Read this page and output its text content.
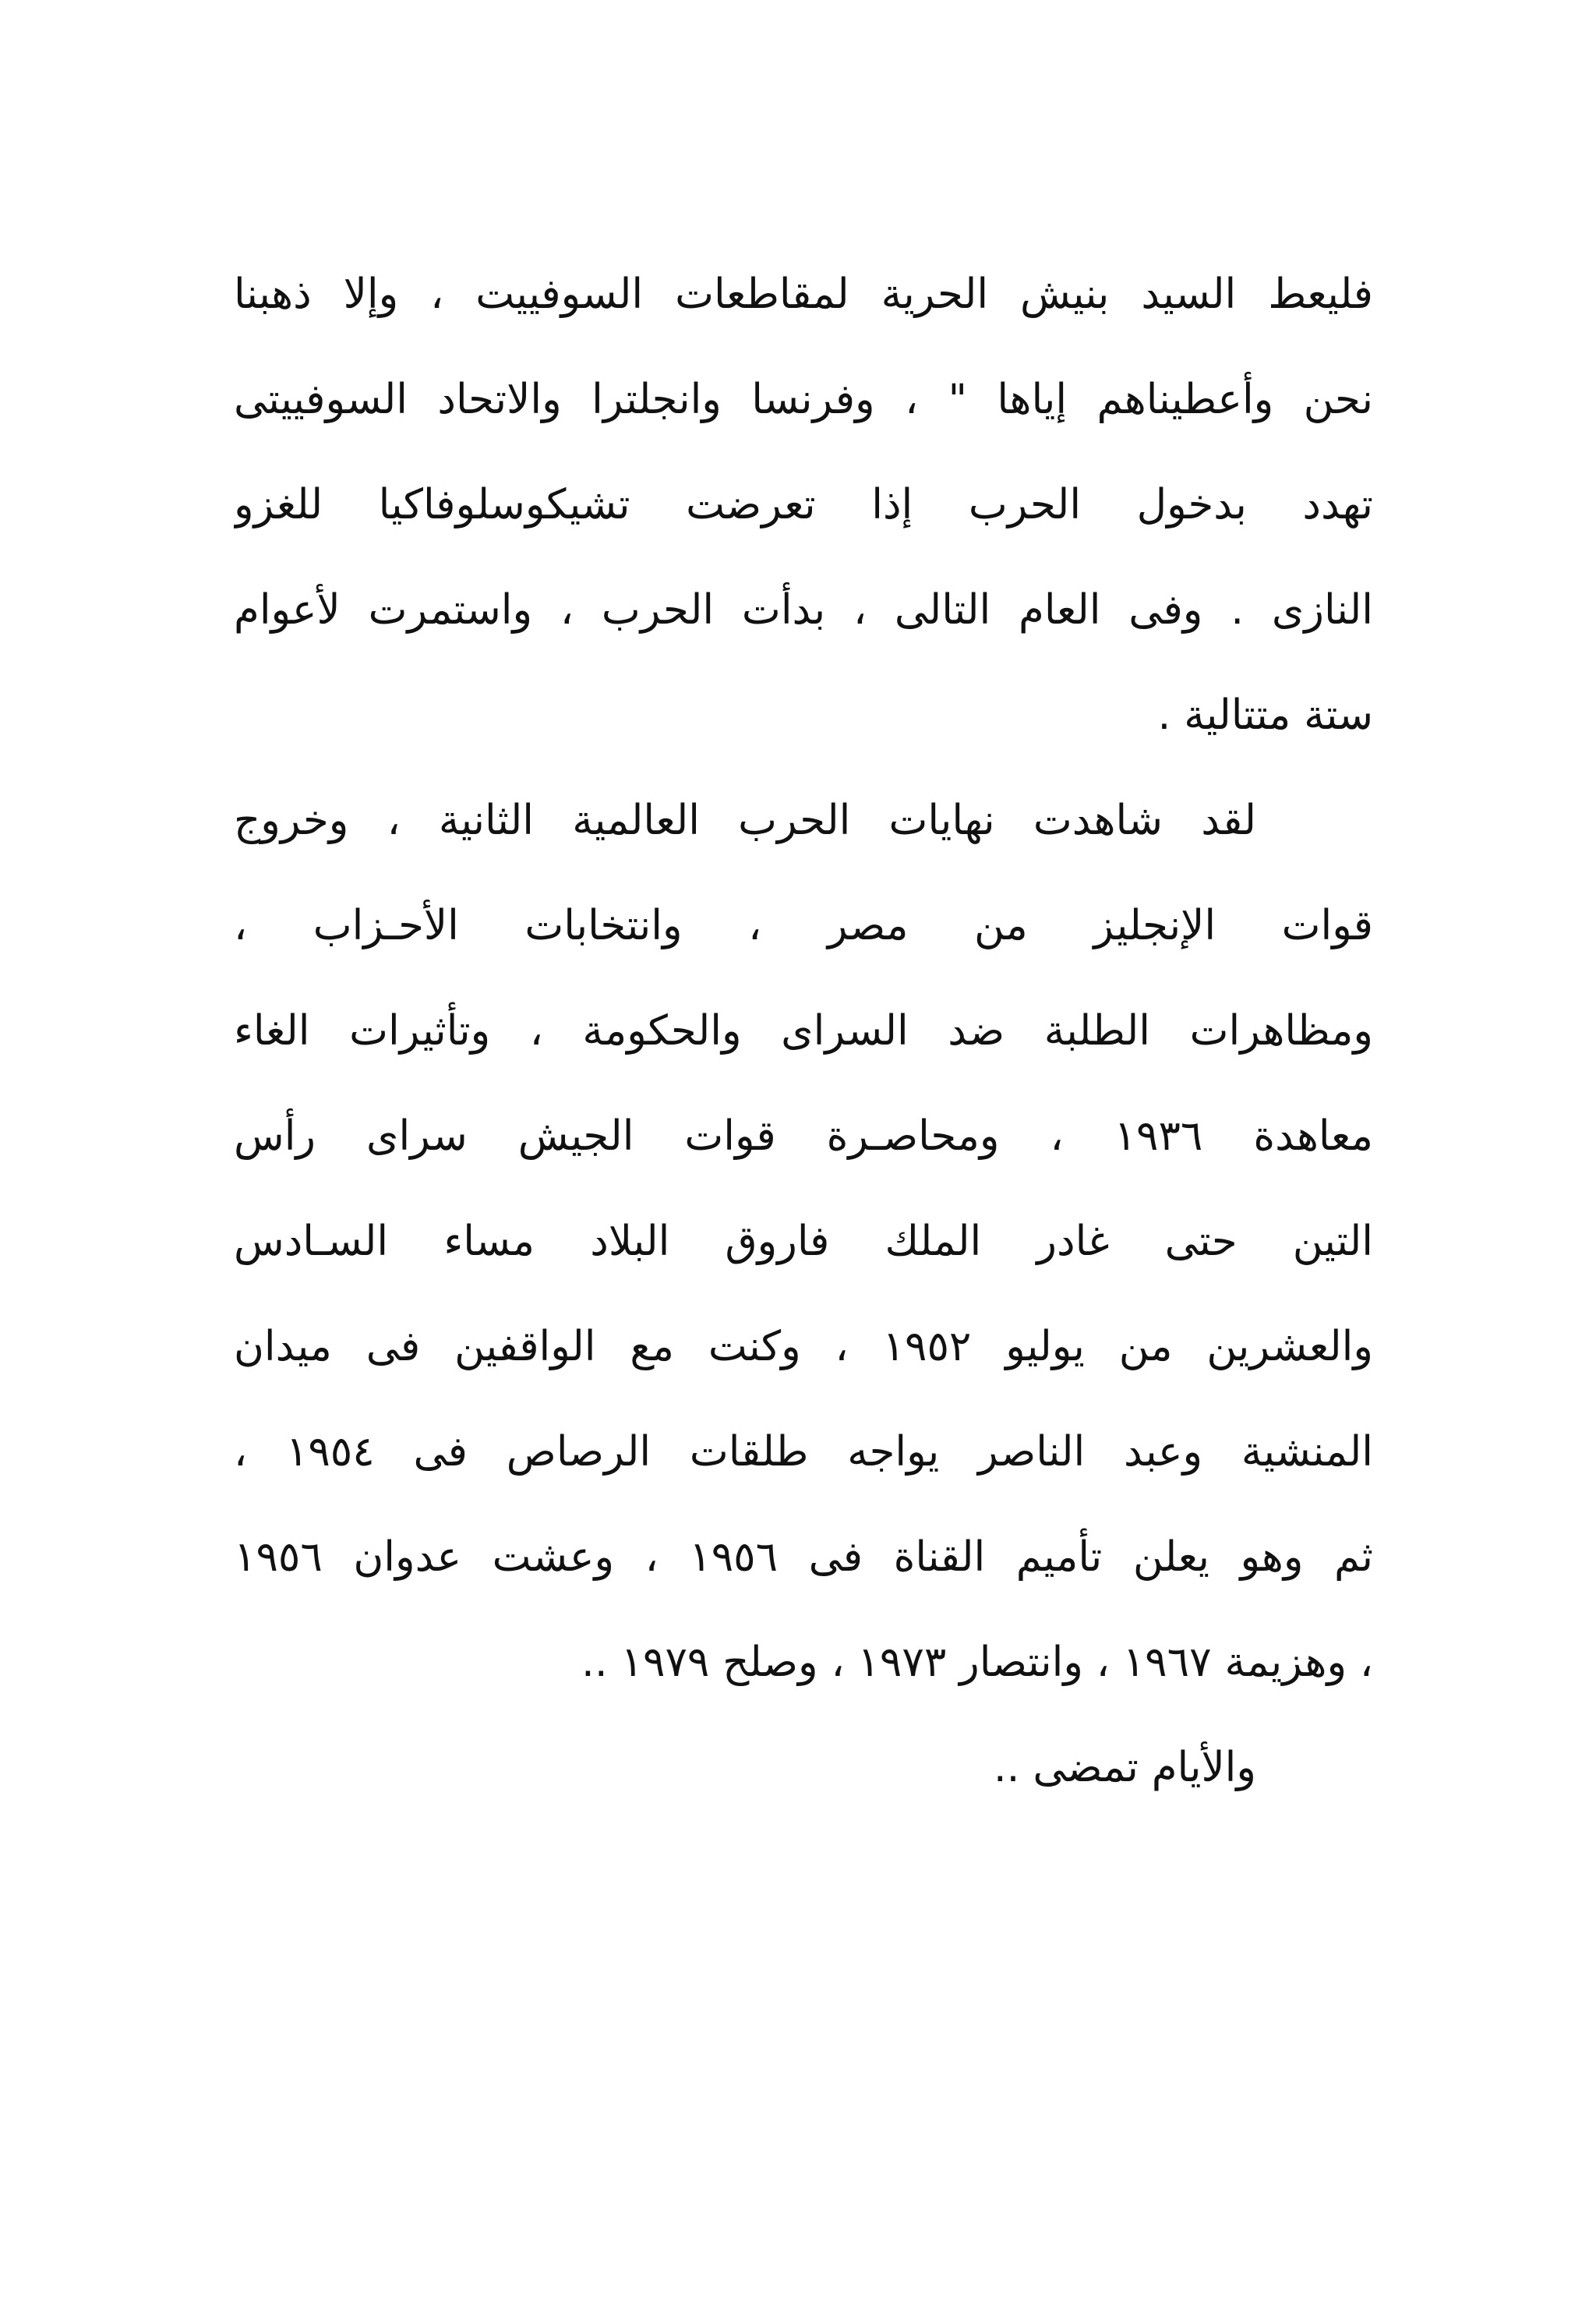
فليعط السيد بنيش الحرية لمقاطعات السوفييت ، وإلا ذهبنا
نحن وأعطيناهم إياها " ، وفرنسا وانجلترا والاتحاد السوفييتى
تهدد بدخول الحرب إذا تعرضت تشيكوسلوفاكيا للغزو
النازى . وفى العام التالى ، بدأت الحرب ، واستمرت لأعوام
ستة متتالية .
لقد شاهدت نهايات الحرب العالمية الثانية ، وخروج
قوات الإنجليز من مصر ، وانتخابات الأحـزاب ،
ومظاهرات الطلبة ضد السراى والحكومة ، وتأثيرات الغاء
معاهدة ١٩٣٦ ، ومحاصـرة قوات الجيش سراى رأس
التين حتى غادر الملك فاروق البلاد مساء السـادس
والعشرين من يوليو ١٩٥٢ ، وكنت مع الواقفين فى ميدان
المنشية وعبد الناصر يواجه طلقات الرصاص فى ١٩٥٤ ،
ثم وهو يعلن تأميم القناة فى ١٩٥٦ ، وعشت عدوان ١٩٥٦
، وهزيمة ١٩٦٧ ، وانتصار ١٩٧٣ ، وصلح ١٩٧٩ ..
والأيام تمضى ..
